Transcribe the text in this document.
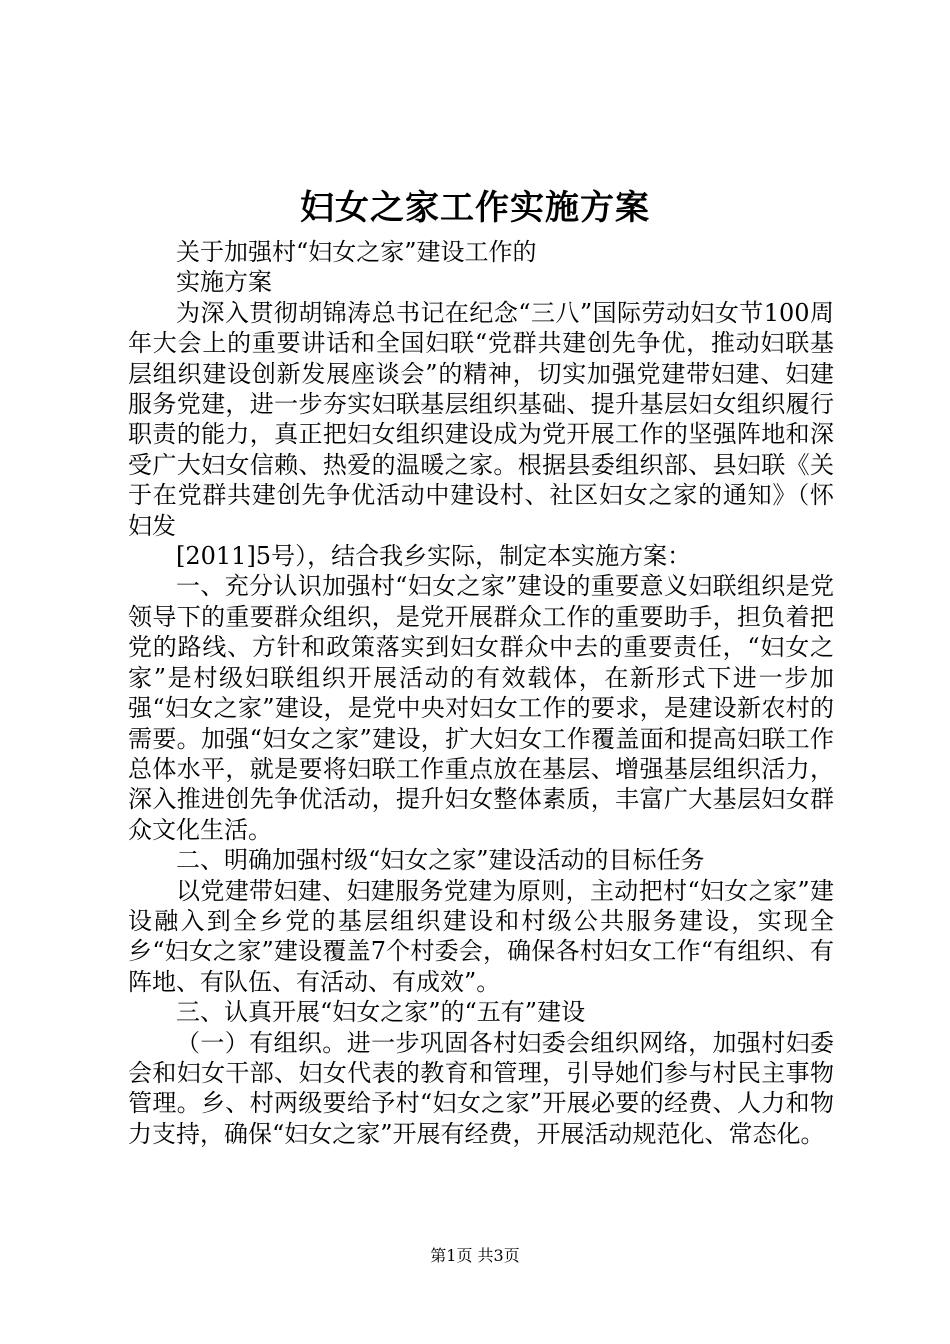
妇女之家工作实施方案

关于加强村“妇女之家”建设工作的

实施方案

为深入贯彻胡锦涛总书记在纪念“三八”国际劳动妇女节100周年大会上的重要讲话和全国妇联“党群共建创先争优，推动妇联基层组织建设创新发展座谈会”的精神，切实加强党建带妇建、妇建服务党建，进一步夯实妇联基层组织基础、提升基层妇女组织履行职责的能力，真正把妇女组织建设成为党开展工作的坚强阵地和深受广大妇女信赖、热爱的温暖之家。根据县委组织部、县妇联《关于在党群共建创先争优活动中建设村、社区妇女之家的通知》（怀妇发

[2011]5号），结合我乡实际，制定本实施方案：

一、充分认识加强村“妇女之家”建设的重要意义妇联组织是党领导下的重要群众组织，是党开展群众工作的重要助手，担负着把党的路线、方针和政策落实到妇女群众中去的重要责任，“妇女之家”是村级妇联组织开展活动的有效载体，在新形式下进一步加强“妇女之家”建设，是党中央对妇女工作的要求，是建设新农村的需要。加强“妇女之家”建设，扩大妇女工作覆盖面和提高妇联工作总体水平，就是要将妇联工作重点放在基层、增强基层组织活力，深入推进创先争优活动，提升妇女整体素质，丰富广大基层妇女群众文化生活。

二、明确加强村级“妇女之家”建设活动的目标任务

以党建带妇建、妇建服务党建为原则，主动把村“妇女之家”建设融入到全乡党的基层组织建设和村级公共服务建设，实现全乡“妇女之家”建设覆盖7个村委会，确保各村妇女工作“有组织、有阵地、有队伍、有活动、有成效”。

三、认真开展“妇女之家”的“五有”建设

（一）有组织。进一步巩固各村妇委会组织网络，加强村妇委会和妇女干部、妇女代表的教育和管理，引导她们参与村民主事物管理。乡、村两级要给予村“妇女之家”开展必要的经费、人力和物力支持，确保“妇女之家”开展有经费，开展活动规范化、常态化。

第1页 共3页
